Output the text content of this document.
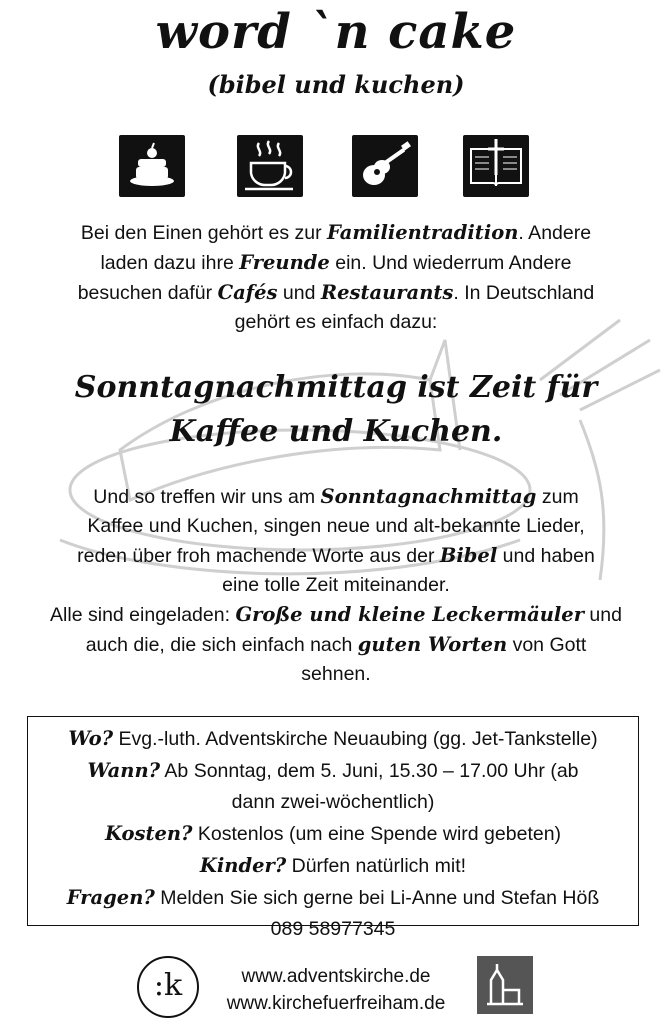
word `n cake
(bibel und kuchen)
Bei den Einen gehört es zur Familientradition. Andere
laden dazu ihre Freunde ein. Und wiederrum Andere
besuchen dafür Cafés und Restaurants. In Deutschland
gehört es einfach dazu:
Sonntagnachmittag ist Zeit für
Kaffee und Kuchen.
Und so treffen wir uns am Sonntagnachmittag zum
Kaffee und Kuchen, singen neue und alt-bekannte Lieder,
reden über froh machende Worte aus der Bibel und haben
eine tolle Zeit miteinander.
Alle sind eingeladen: Große und kleine Leckermäuler und
auch die, die sich einfach nach guten Worten von Gott
sehnen.
Wo? Evg.-luth. Adventskirche Neuaubing (gg. Jet-Tankstelle)
Wann? Ab Sonntag, dem 5. Juni, 15.30 – 17.00 Uhr (ab
dann zwei-wöchentlich)
Kosten? Kostenlos (um eine Spende wird gebeten)
Kinder? Dürfen natürlich mit!
Fragen? Melden Sie sich gerne bei Li-Anne und Stefan Höß
089 58977345
:k	www.adventskirche.de
www.kirchefuerfreiham.de
